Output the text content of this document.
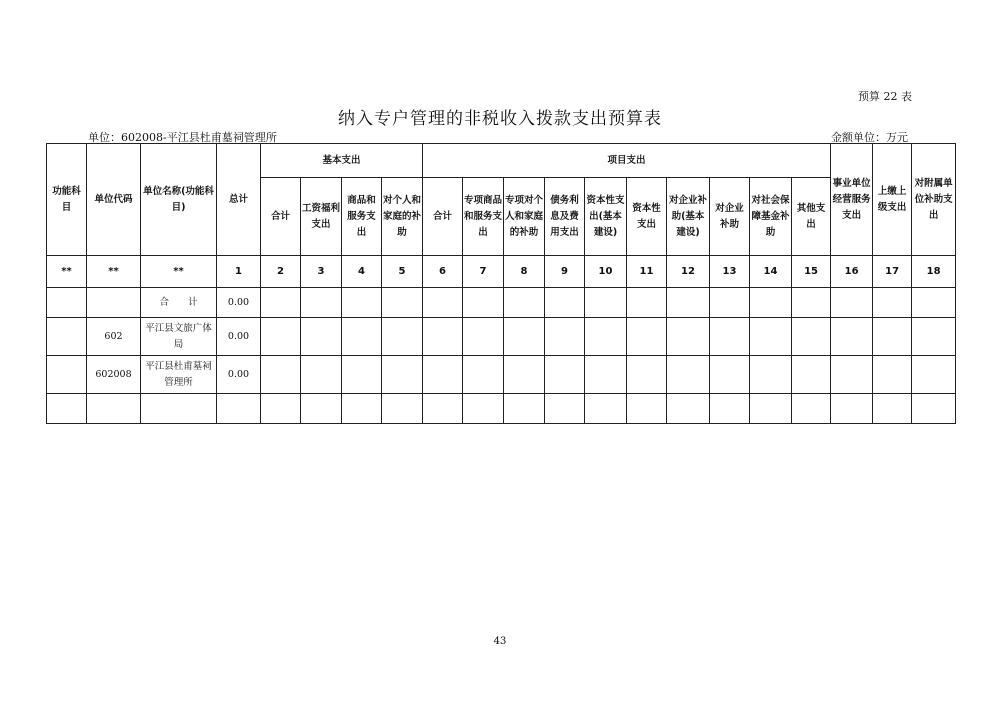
预算 22 表
纳入专户管理的非税收入拨款支出预算表
单位：602008-平江县杜甫墓祠管理所	金额单位：万元
功能科目	单位代码	单位名称(功能科目)	总计	基本支出				项目支出										事业单位经营服务支出	上缴上级支出	对附属单位补助支出
				合计	工资福利支出	商品和服务支出	对个人和家庭的补助	合计	专项商品和服务支出	专项对个人和家庭的补助	债务利息及费用支出	资本性支出(基本建设)	资本性支出	对企业补助(基本建设)	对企业补助	对社会保障基金补助	其他支出			
**	**	**	1	2	3	4	5	6	7	8	9	10	11	12	13	14	15	16	17	18
		合　　计	0.00																	
	602	平江县文旅广体局	0.00																	
	602008	平江县杜甫墓祠管理所	0.00																	

43
